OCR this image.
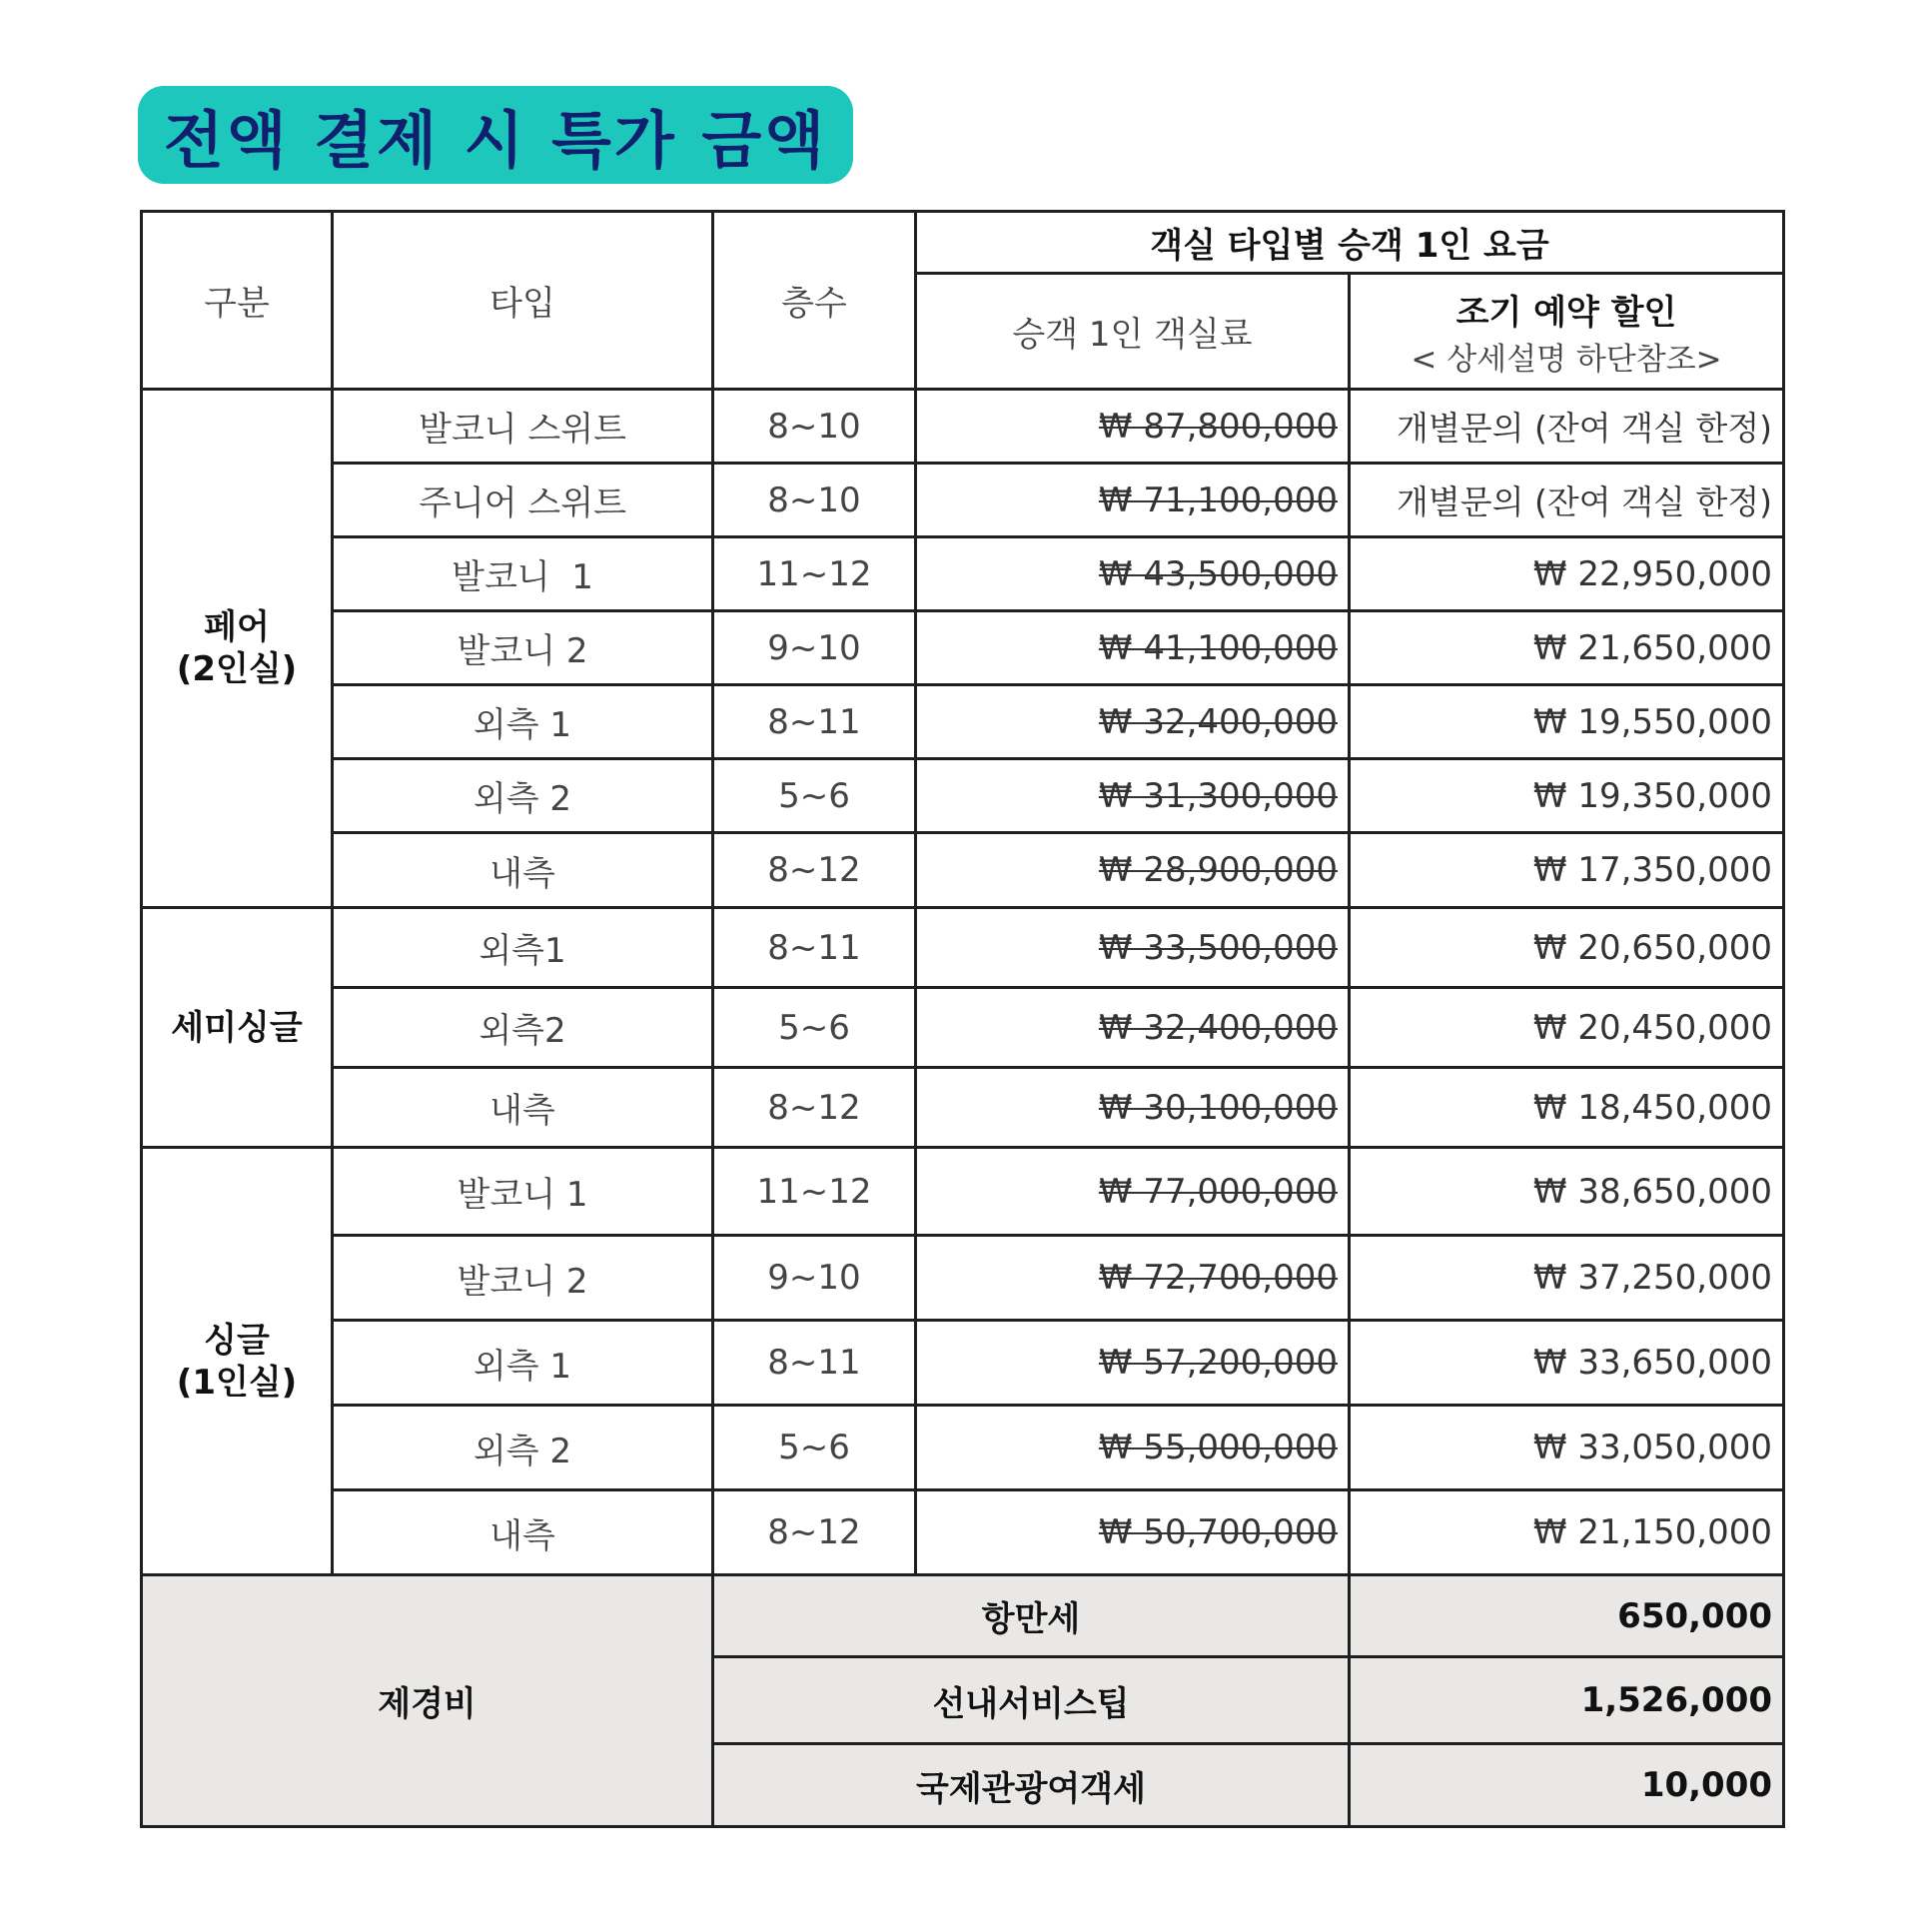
전액 결제 시 특가 금액
구분	타입	층수	객실 타입별 승객 1인 요금	
			승객 1인 객실료	조기 예약 할인
< 상세설명 하단참조>

페어
(2인실)	발코니 스위트	8~10	₩ 87,800,000	개별문의 (잔여 객실 한정)
	주니어 스위트	8~10	₩ 71,100,000	개별문의 (잔여 객실 한정)
	발코니  1	11~12	₩ 43,500,000	₩ 22,950,000
	발코니 2	9~10	₩ 41,100,000	₩ 21,650,000
	외측 1	8~11	₩ 32,400,000	₩ 19,550,000
	외측 2	5~6	₩ 31,300,000	₩ 19,350,000
	내측	8~12	₩ 28,900,000	₩ 17,350,000

세미싱글	외측1	8~11	₩ 33,500,000	₩ 20,650,000
	외측2	5~6	₩ 32,400,000	₩ 20,450,000
	내측	8~12	₩ 30,100,000	₩ 18,450,000

싱글
(1인실)	발코니 1	11~12	₩ 77,000,000	₩ 38,650,000
	발코니 2	9~10	₩ 72,700,000	₩ 37,250,000
	외측 1	8~11	₩ 57,200,000	₩ 33,650,000
	외측 2	5~6	₩ 55,000,000	₩ 33,050,000
	내측	8~12	₩ 50,700,000	₩ 21,150,000
제경비		항만세		650,000
		선내서비스팁		1,526,000
		국제관광여객세		10,000
